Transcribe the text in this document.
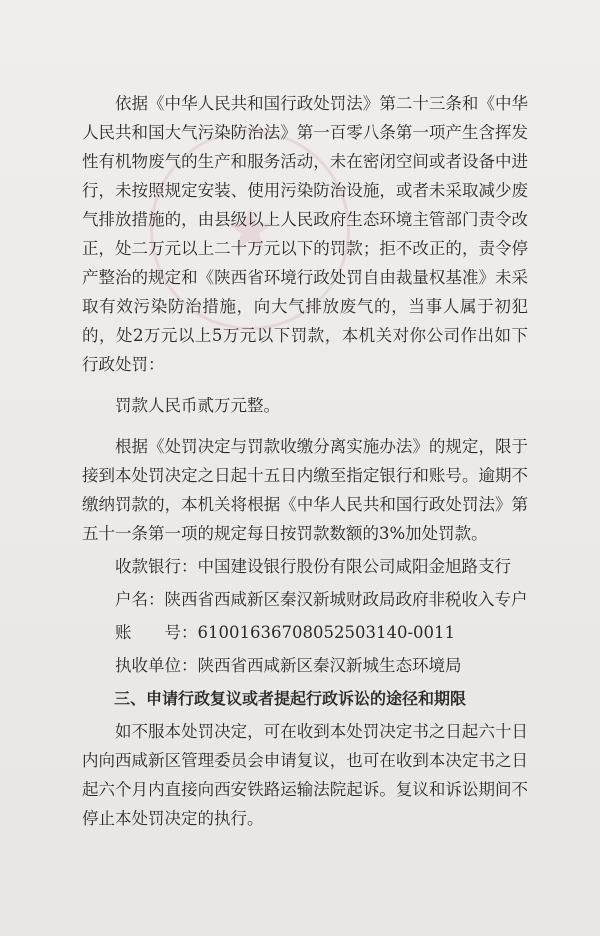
★

依据《中华人民共和国行政处罚法》第二十三条和《中华人民共和国大气污染防治法》第一百零八条第一项产生含挥发性有机物废气的生产和服务活动，未在密闭空间或者设备中进行，未按照规定安装、使用污染防治设施，或者未采取减少废气排放措施的，由县级以上人民政府生态环境主管部门责令改正，处二万元以上二十万元以下的罚款；拒不改正的，责令停产整治的规定和《陕西省环境行政处罚自由裁量权基准》未采取有效污染防治措施，向大气排放废气的，当事人属于初犯的，处2万元以上5万元以下罚款，本机关对你公司作出如下行政处罚：

罚款人民币贰万元整。

根据《处罚决定与罚款收缴分离实施办法》的规定，限于接到本处罚决定之日起十五日内缴至指定银行和账号。逾期不缴纳罚款的，本机关将根据《中华人民共和国行政处罚法》第五十一条第一项的规定每日按罚款数额的3%加处罚款。

收款银行：中国建设银行股份有限公司咸阳金旭路支行

户名：陕西省西咸新区秦汉新城财政局政府非税收入专户

账　　号：61001636708052503140-0011

执收单位：陕西省西咸新区秦汉新城生态环境局

三、申请行政复议或者提起行政诉讼的途径和期限

如不服本处罚决定，可在收到本处罚决定书之日起六十日内向西咸新区管理委员会申请复议，也可在收到本决定书之日起六个月内直接向西安铁路运输法院起诉。复议和诉讼期间不停止本处罚决定的执行。
